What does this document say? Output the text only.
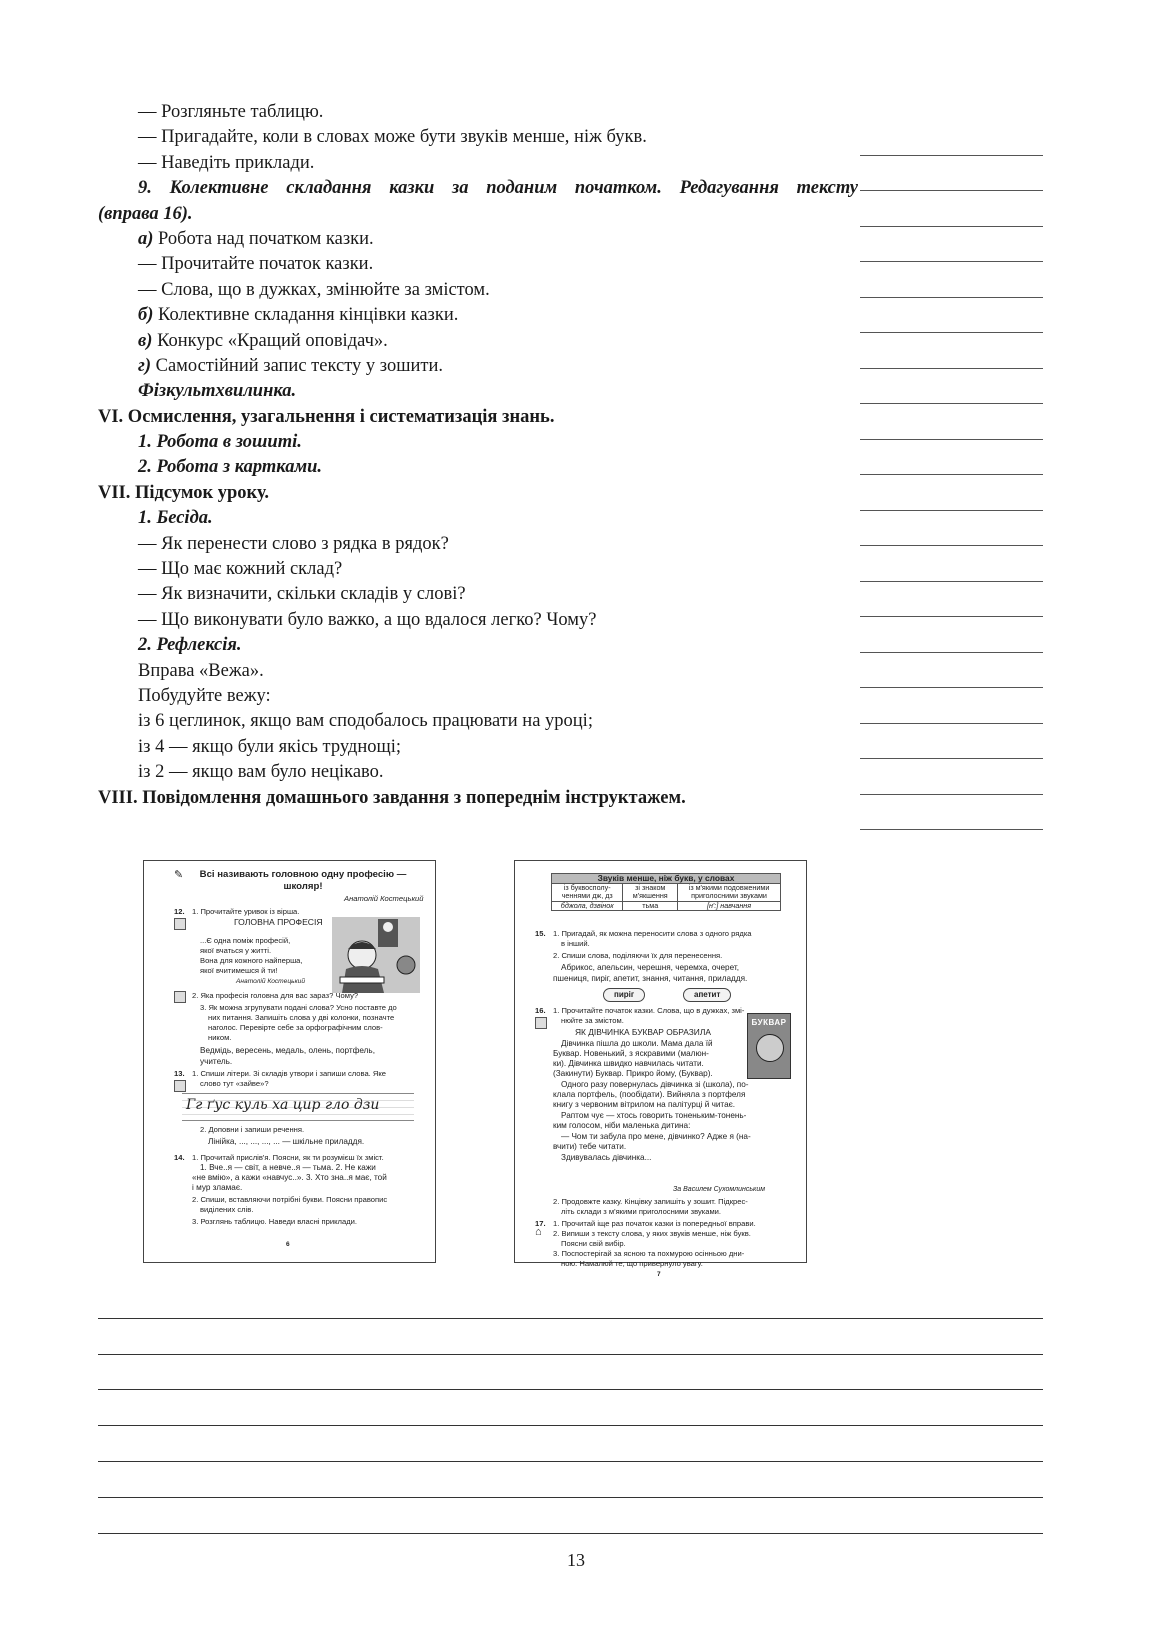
— Розгляньте таблицю.
— Пригадайте, коли в словах може бути звуків менше, ніж букв.
— Наведіть приклади.
9. Колективне складання казки за поданим початком. Редагування тексту
(вправа 16).
а) Робота над початком казки.
— Прочитайте початок казки.
— Слова, що в дужках, змінюйте за змістом.
б) Колективне складання кінцівки казки.
в) Конкурс «Кращий оповідач».
г) Самостійний запис тексту у зошити.
Фізкультхвилинка.
VI. Осмислення, узагальнення і систематизація знань.
1. Робота в зошиті.
2. Робота з картками.
VII. Підсумок уроку.
1. Бесіда.
— Як перенести слово з рядка в рядок?
— Що має кожний склад?
— Як визначити, скільки складів у слові?
— Що виконувати було важко, а що вдалося легко? Чому?
2. Рефлексія.
Вправа «Вежа».
Побудуйте вежу:
із 6 цеглинок, якщо вам сподобалось працювати на уроці;
із 4 — якщо були якісь труднощі;
із 2 — якщо вам було нецікаво.
VIII. Повідомлення домашнього завдання з попереднім інструктажем.
✎	Всі називають головною одну професію —
школяр!
Анатолій Костецький
12. 1. Прочитайте уривок із вірша.
ГОЛОВНА ПРОФЕСІЯ
...Є одна поміж професій,
якої вчаться у житті.
Вона для кожного найперша,
якої вчитимешся й ти!
Анатолій Костецький
2. Яка професія головна для вас зараз? Чому?
3. Як можна згрупувати подані слова? Усно поставте до
них питання. Запишіть слова у дві колонки, позначте
наголос. Перевірте себе за орфографічним слов-
ником.
Ведмідь, вересень, медаль, олень, портфель,
учитель.
13. 1. Спиши літери. Зі складів утвори і запиши слова. Яке
слово тут «зайве»?
Гг ґус куль ха цир гло дзи
2. Доповни і запиши речення.
Лінійка, ..., ..., ..., ... — шкільне приладдя.
14. 1. Прочитай прислів'я. Поясни, як ти розумієш їх зміст.
1. Вче..я — світ, а невче..я — тьма. 2. Не кажи
«не вмію», а кажи «навчус..». 3. Хто зна..я має, той
і мур зламає.
2. Спиши, вставляючи потрібні букви. Поясни правопис
виділених слів.
3. Розглянь таблицю. Наведи власні приклади.
6
Звуків менше, ніж букв, у словах		
із буквосполу-ченнями дж, дз	зі знаком м'якшення	із м'якими подовженими приголосними звуками
бджола, дзвінок	тьма	[н':] навчання
15. 1. Пригадай, як можна переносити слова з одного рядка
в інший.
2. Спиши слова, поділяючи їх для перенесення.
Абрикос, апельсин, черешня, черемха, очерет,
пшениця, пиріг, апетит, знання, читання, приладдя.
пиріг	апетит
16. 1. Прочитайте початок казки. Слова, що в дужках, змі-
нюйте за змістом.
ЯК ДІВЧИНКА БУКВАР ОБРАЗИЛА
БУКВАР
За Василем Сухомлинським
2. Продовжте казку. Кінцівку запишіть у зошит. Підкрес-
літь склади з м'якими приголосними звуками.
17.
⌂
1. Прочитай іще раз початок казки із попередньої вправи.
2. Випиши з тексту слова, у яких звуків менше, ніж букв.
Поясни свій вибір.
3. Поспостерігай за ясною та похмурою осінньою дни-
ною. Намалюй те, що привернуло увагу.
Дівчинка пішла до школи. Мама дала їй
Буквар. Новенький, з яскравими (малюн-
ки). Дівчинка швидко навчилась читати.
(Закинути) Буквар. Прикро йому, (Буквар).
Одного разу повернулась дівчинка зі (школа), по-
клала портфель, (пообідати). Вийняла з портфеля
книгу з червоним вітрилом на палітурці й читає.
Раптом чує — хтось говорить тоненьким-тонень-
ким голосом, ніби маленька дитина:
— Чом ти забула про мене, дівчинко? Адже я (на-
вчити) тебе читати.
Здивувалась дівчинка...
7
13
